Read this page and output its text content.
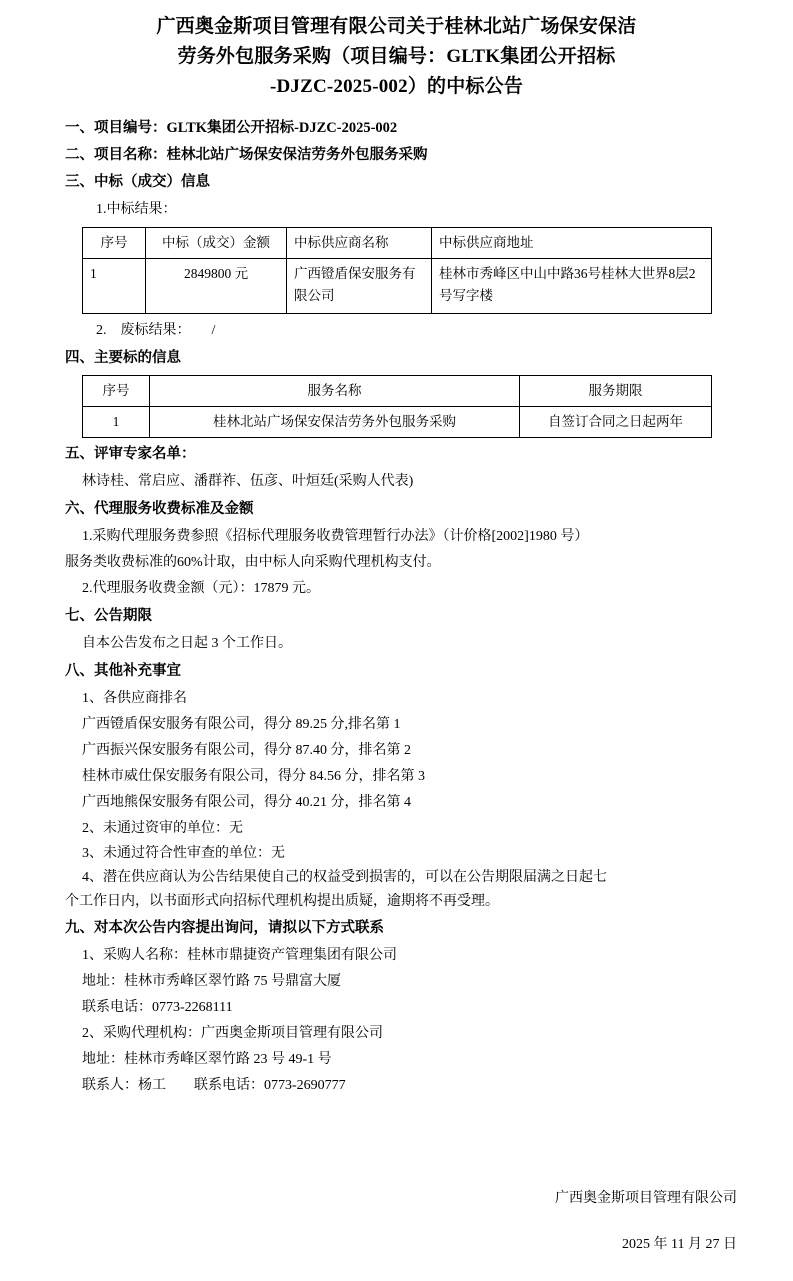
广西奥金斯项目管理有限公司关于桂林北站广场保安保洁
劳务外包服务采购（项目编号：GLTK集团公开招标
-DJZC-2025-002）的中标公告
一、项目编号：GLTK集团公开招标-DJZC-2025-002
二、项目名称：桂林北站广场保安保洁劳务外包服务采购
三、中标（成交）信息
1.中标结果：
序号	中标（成交）金额	中标供应商名称	中标供应商地址
1	2849800 元	广西镫盾保安服务有限公司	桂林市秀峰区中山中路36号桂林大世界8层2号写字楼
2.　废标结果：　　/
四、主要标的信息
序号	服务名称	服务期限
1	桂林北站广场保安保洁劳务外包服务采购	自签订合同之日起两年
五、评审专家名单：
林诗桂、常启应、潘群祚、伍彦、叶烜廷(采购人代表)
六、代理服务收费标准及金额
1.采购代理服务费参照《招标代理服务收费管理暂行办法》（计价格[2002]1980 号）
服务类收费标准的60%计取，由中标人向采购代理机构支付。
2.代理服务收费金额（元）：17879 元。
七、公告期限
自本公告发布之日起 3 个工作日。
八、其他补充事宜
1、各供应商排名
广西镫盾保安服务有限公司，得分 89.25 分,排名第 1
广西振兴保安服务有限公司，得分 87.40 分，排名第 2
桂林市威仕保安服务有限公司，得分 84.56 分，排名第 3
广西地熊保安服务有限公司，得分 40.21 分，排名第 4
2、未通过资审的单位：无
3、未通过符合性审查的单位：无
4、潜在供应商认为公告结果使自己的权益受到损害的，可以在公告期限届满之日起七
个工作日内，以书面形式向招标代理机构提出质疑，逾期将不再受理。
九、对本次公告内容提出询问，请拟以下方式联系
1、采购人名称：桂林市鼎捷资产管理集团有限公司
地址：桂林市秀峰区翠竹路 75 号鼎富大厦
联系电话：0773-2268111
2、采购代理机构：广西奥金斯项目管理有限公司
地址：桂林市秀峰区翠竹路 23 号 49-1 号
联系人：杨工　　联系电话：0773-2690777
广西奥金斯项目管理有限公司
2025 年 11 月 27 日
